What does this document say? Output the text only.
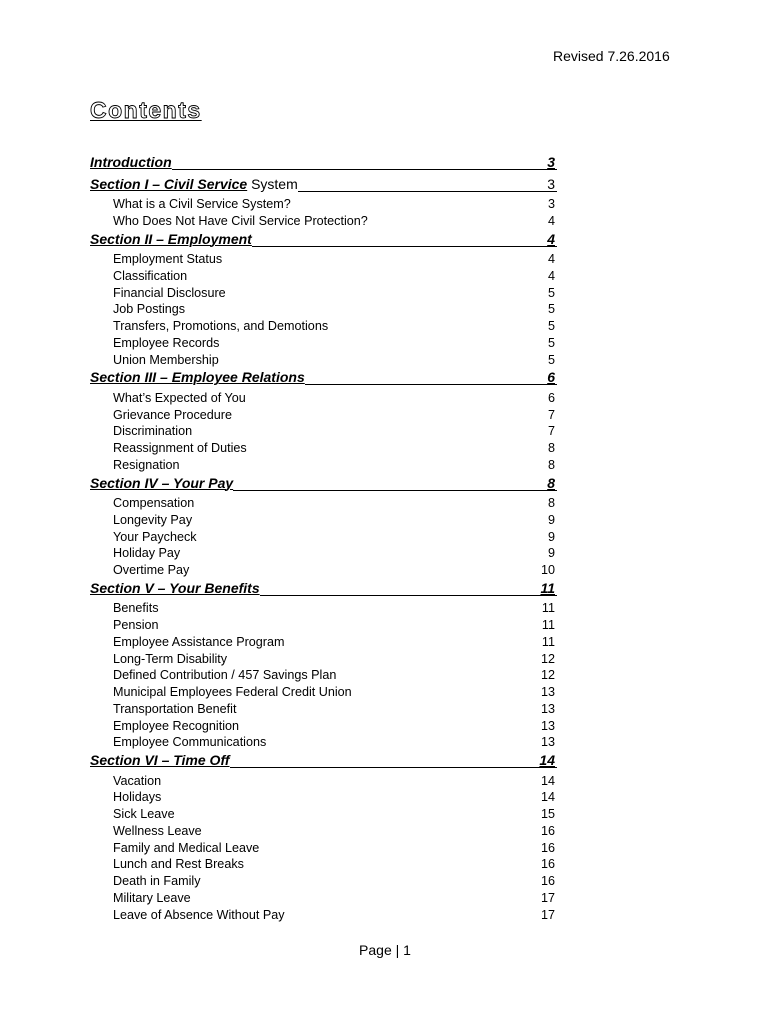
Revised 7.26.2016
Contents
Introduction	3
Section I – Civil Service System	3
What is a Civil Service System?	3
Who Does Not Have Civil Service Protection?	4
Section II – Employment	4
Employment Status	4
Classification	4
Financial Disclosure	5
Job Postings	5
Transfers, Promotions, and Demotions	5
Employee Records	5
Union Membership	5
Section III – Employee Relations	6
What’s Expected of You	6
Grievance Procedure	7
Discrimination	7
Reassignment of Duties	8
Resignation	8
Section IV – Your Pay	8
Compensation	8
Longevity Pay	9
Your Paycheck	9
Holiday Pay	9
Overtime Pay	10
Section V – Your Benefits	11
Benefits	11
Pension	11
Employee Assistance Program	11
Long-Term Disability	12
Defined Contribution / 457 Savings Plan	12
Municipal Employees Federal Credit Union	13
Transportation Benefit	13
Employee Recognition	13
Employee Communications	13
Section VI – Time Off	14
Vacation	14
Holidays	14
Sick Leave	15
Wellness Leave	16
Family and Medical Leave	16
Lunch and Rest Breaks	16
Death in Family	16
Military Leave	17
Leave of Absence Without Pay	17
Page | 1
